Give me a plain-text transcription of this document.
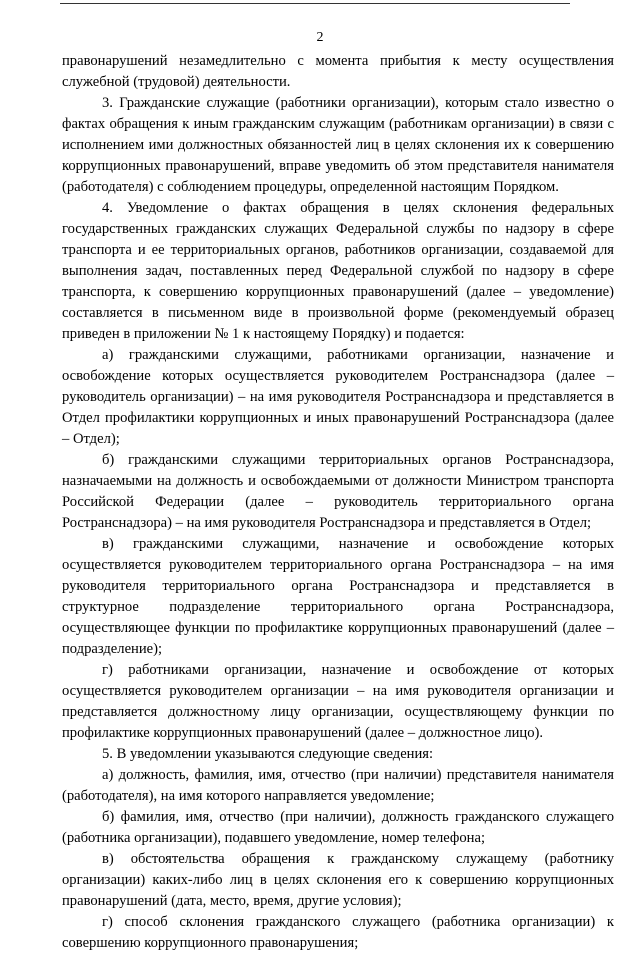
2

правонарушений незамедлительно с момента прибытия к месту осуществления служебной (трудовой) деятельности.

3. Гражданские служащие (работники организации), которым стало известно о фактах обращения к иным гражданским служащим (работникам организации) в связи с исполнением ими должностных обязанностей лиц в целях склонения их к совершению коррупционных правонарушений, вправе уведомить об этом представителя нанимателя (работодателя) с соблюдением процедуры, определенной настоящим Порядком.

4. Уведомление о фактах обращения в целях склонения федеральных государственных гражданских служащих Федеральной службы по надзору в сфере транспорта и ее территориальных органов, работников организации, создаваемой для выполнения задач, поставленных перед Федеральной службой по надзору в сфере транспорта, к совершению коррупционных правонарушений (далее – уведомление) составляется в письменном виде в произвольной форме (рекомендуемый образец приведен в приложении № 1 к настоящему Порядку) и подается:

а) гражданскими служащими, работниками организации, назначение и освобождение которых осуществляется руководителем Ространснадзора (далее – руководитель организации) – на имя руководителя Ространснадзора и представляется в Отдел профилактики коррупционных и иных правонарушений Ространснадзора (далее – Отдел);

б) гражданскими служащими территориальных органов Ространснадзора, назначаемыми на должность и освобождаемыми от должности Министром транспорта Российской Федерации (далее – руководитель территориального органа Ространснадзора) – на имя руководителя Ространснадзора и представляется в Отдел;

в) гражданскими служащими, назначение и освобождение которых осуществляется руководителем территориального органа Ространснадзора – на имя руководителя территориального органа Ространснадзора и представляется в структурное подразделение территориального органа Ространснадзора, осуществляющее функции по профилактике коррупционных правонарушений (далее – подразделение);

г) работниками организации, назначение и освобождение от которых осуществляется руководителем организации – на имя руководителя организации и представляется должностному лицу организации, осуществляющему функции по профилактике коррупционных правонарушений (далее – должностное лицо).

5. В уведомлении указываются следующие сведения:

а) должность, фамилия, имя, отчество (при наличии) представителя нанимателя (работодателя), на имя которого направляется уведомление;

б) фамилия, имя, отчество (при наличии), должность гражданского служащего (работника организации), подавшего уведомление, номер телефона;

в) обстоятельства обращения к гражданскому служащему (работнику организации) каких-либо лиц в целях склонения его к совершению коррупционных правонарушений (дата, место, время, другие условия);

г) способ склонения гражданского служащего (работника организации) к совершению коррупционного правонарушения;
